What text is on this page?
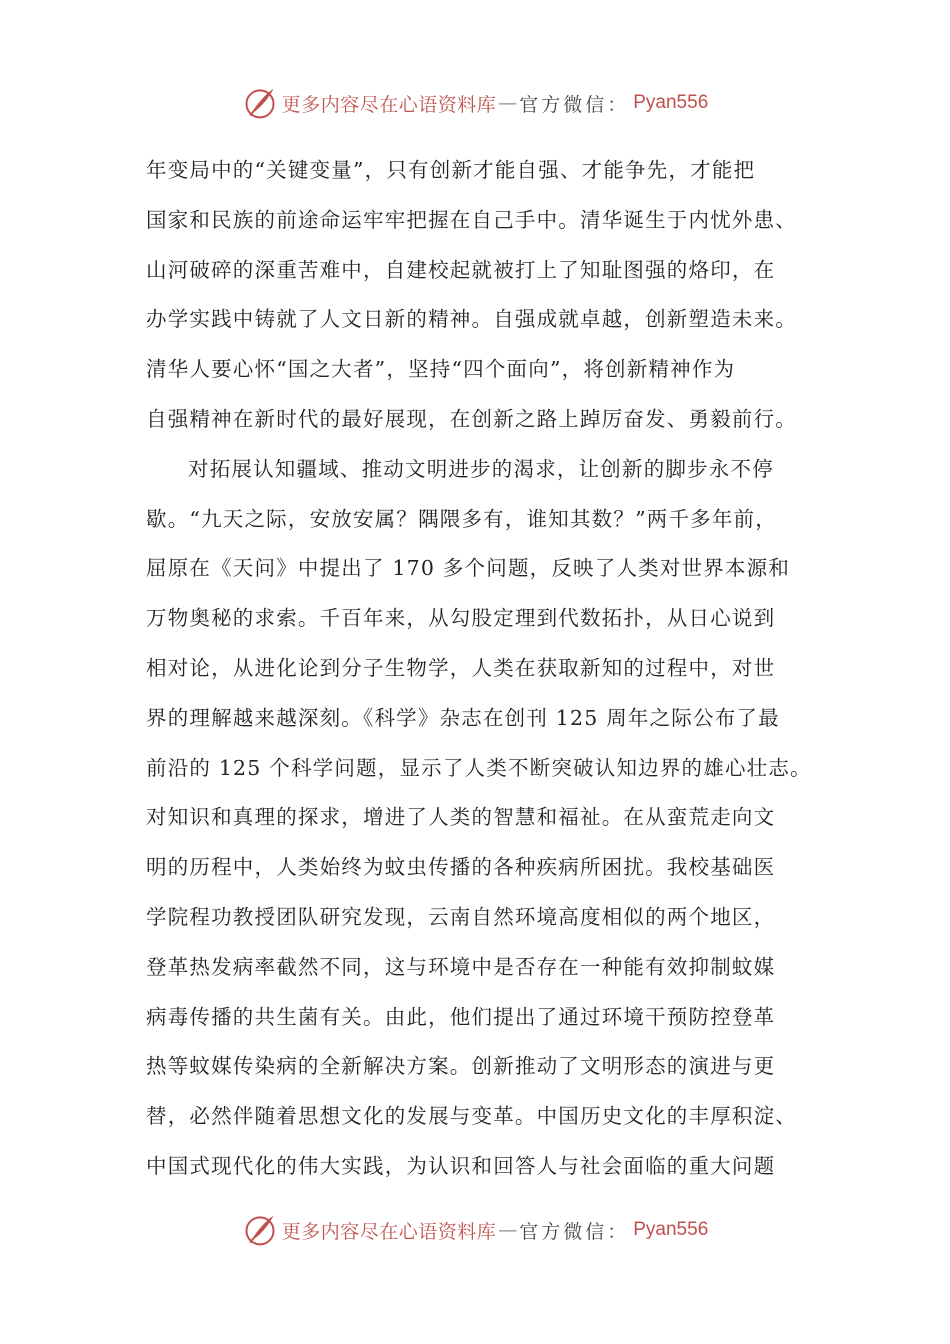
更多内容尽在心语资料库 — 官方微信： Pyan556
年变局中的“关键变量”，只有创新才能自强、才能争先，才能把
国家和民族的前途命运牢牢把握在自己手中。清华诞生于内忧外患、
山河破碎的深重苦难中，自建校起就被打上了知耻图强的烙印，在
办学实践中铸就了人文日新的精神。自强成就卓越，创新塑造未来。
清华人要心怀“国之大者”，坚持“四个面向”，将创新精神作为
自强精神在新时代的最好展现，在创新之路上踔厉奋发、勇毅前行。
对拓展认知疆域、推动文明进步的渴求，让创新的脚步永不停
歇。“九天之际，安放安属？隅隈多有，谁知其数？”两千多年前，
屈原在《天问》中提出了 170 多个问题，反映了人类对世界本源和
万物奥秘的求索。千百年来，从勾股定理到代数拓扑，从日心说到
相对论，从进化论到分子生物学，人类在获取新知的过程中，对世
界的理解越来越深刻。《科学》杂志在创刊 125 周年之际公布了最
前沿的 125 个科学问题，显示了人类不断突破认知边界的雄心壮志。
对知识和真理的探求，增进了人类的智慧和福祉。在从蛮荒走向文
明的历程中，人类始终为蚊虫传播的各种疾病所困扰。我校基础医
学院程功教授团队研究发现，云南自然环境高度相似的两个地区，
登革热发病率截然不同，这与环境中是否存在一种能有效抑制蚊媒
病毒传播的共生菌有关。由此，他们提出了通过环境干预防控登革
热等蚊媒传染病的全新解决方案。创新推动了文明形态的演进与更
替，必然伴随着思想文化的发展与变革。中国历史文化的丰厚积淀、
中国式现代化的伟大实践，为认识和回答人与社会面临的重大问题
更多内容尽在心语资料库 — 官方微信： Pyan556
